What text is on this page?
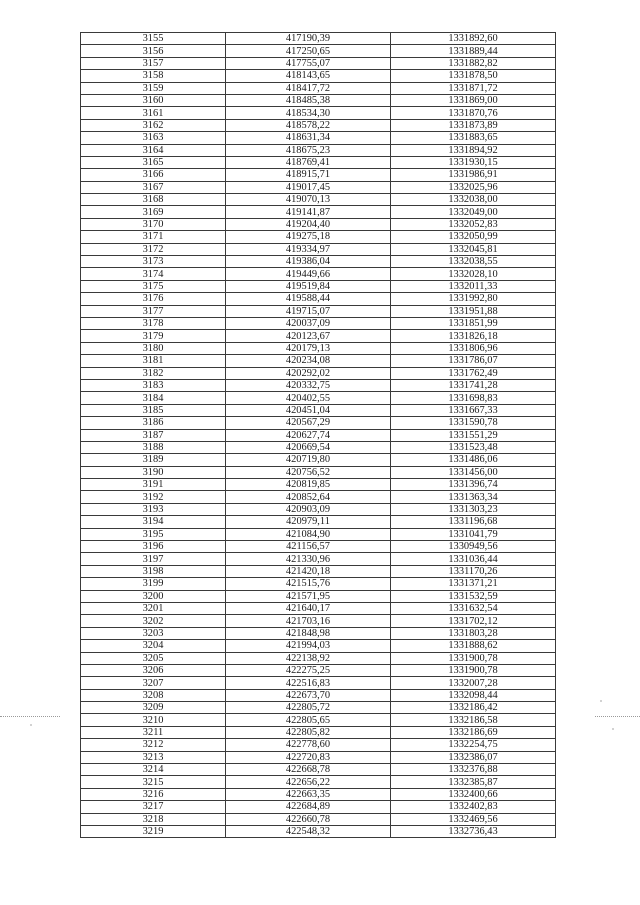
3155	417190,39	1331892,60
3156	417250,65	1331889,44
3157	417755,07	1331882,82
3158	418143,65	1331878,50
3159	418417,72	1331871,72
3160	418485,38	1331869,00
3161	418534,30	1331870,76
3162	418578,22	1331873,89
3163	418631,34	1331883,65
3164	418675,23	1331894,92
3165	418769,41	1331930,15
3166	418915,71	1331986,91
3167	419017,45	1332025,96
3168	419070,13	1332038,00
3169	419141,87	1332049,00
3170	419204,40	1332052,83
3171	419275,18	1332050,99
3172	419334,97	1332045,81
3173	419386,04	1332038,55
3174	419449,66	1332028,10
3175	419519,84	1332011,33
3176	419588,44	1331992,80
3177	419715,07	1331951,88
3178	420037,09	1331851,99
3179	420123,67	1331826,18
3180	420179,13	1331806,96
3181	420234,08	1331786,07
3182	420292,02	1331762,49
3183	420332,75	1331741,28
3184	420402,55	1331698,83
3185	420451,04	1331667,33
3186	420567,29	1331590,78
3187	420627,74	1331551,29
3188	420669,54	1331523,48
3189	420719,80	1331486,06
3190	420756,52	1331456,00
3191	420819,85	1331396,74
3192	420852,64	1331363,34
3193	420903,09	1331303,23
3194	420979,11	1331196,68
3195	421084,90	1331041,79
3196	421156,57	1330949,56
3197	421330,96	1331036,44
3198	421420,18	1331170,26
3199	421515,76	1331371,21
3200	421571,95	1331532,59
3201	421640,17	1331632,54
3202	421703,16	1331702,12
3203	421848,98	1331803,28
3204	421994,03	1331888,62
3205	422138,92	1331900,78
3206	422275,25	1331900,78
3207	422516,83	1332007,28
3208	422673,70	1332098,44
3209	422805,72	1332186,42
3210	422805,65	1332186,58
3211	422805,82	1332186,69
3212	422778,60	1332254,75
3213	422720,83	1332386,07
3214	422668,78	1332376,88
3215	422656,22	1332385,87
3216	422663,35	1332400,66
3217	422684,89	1332402,83
3218	422660,78	1332469,56
3219	422548,32	1332736,43
